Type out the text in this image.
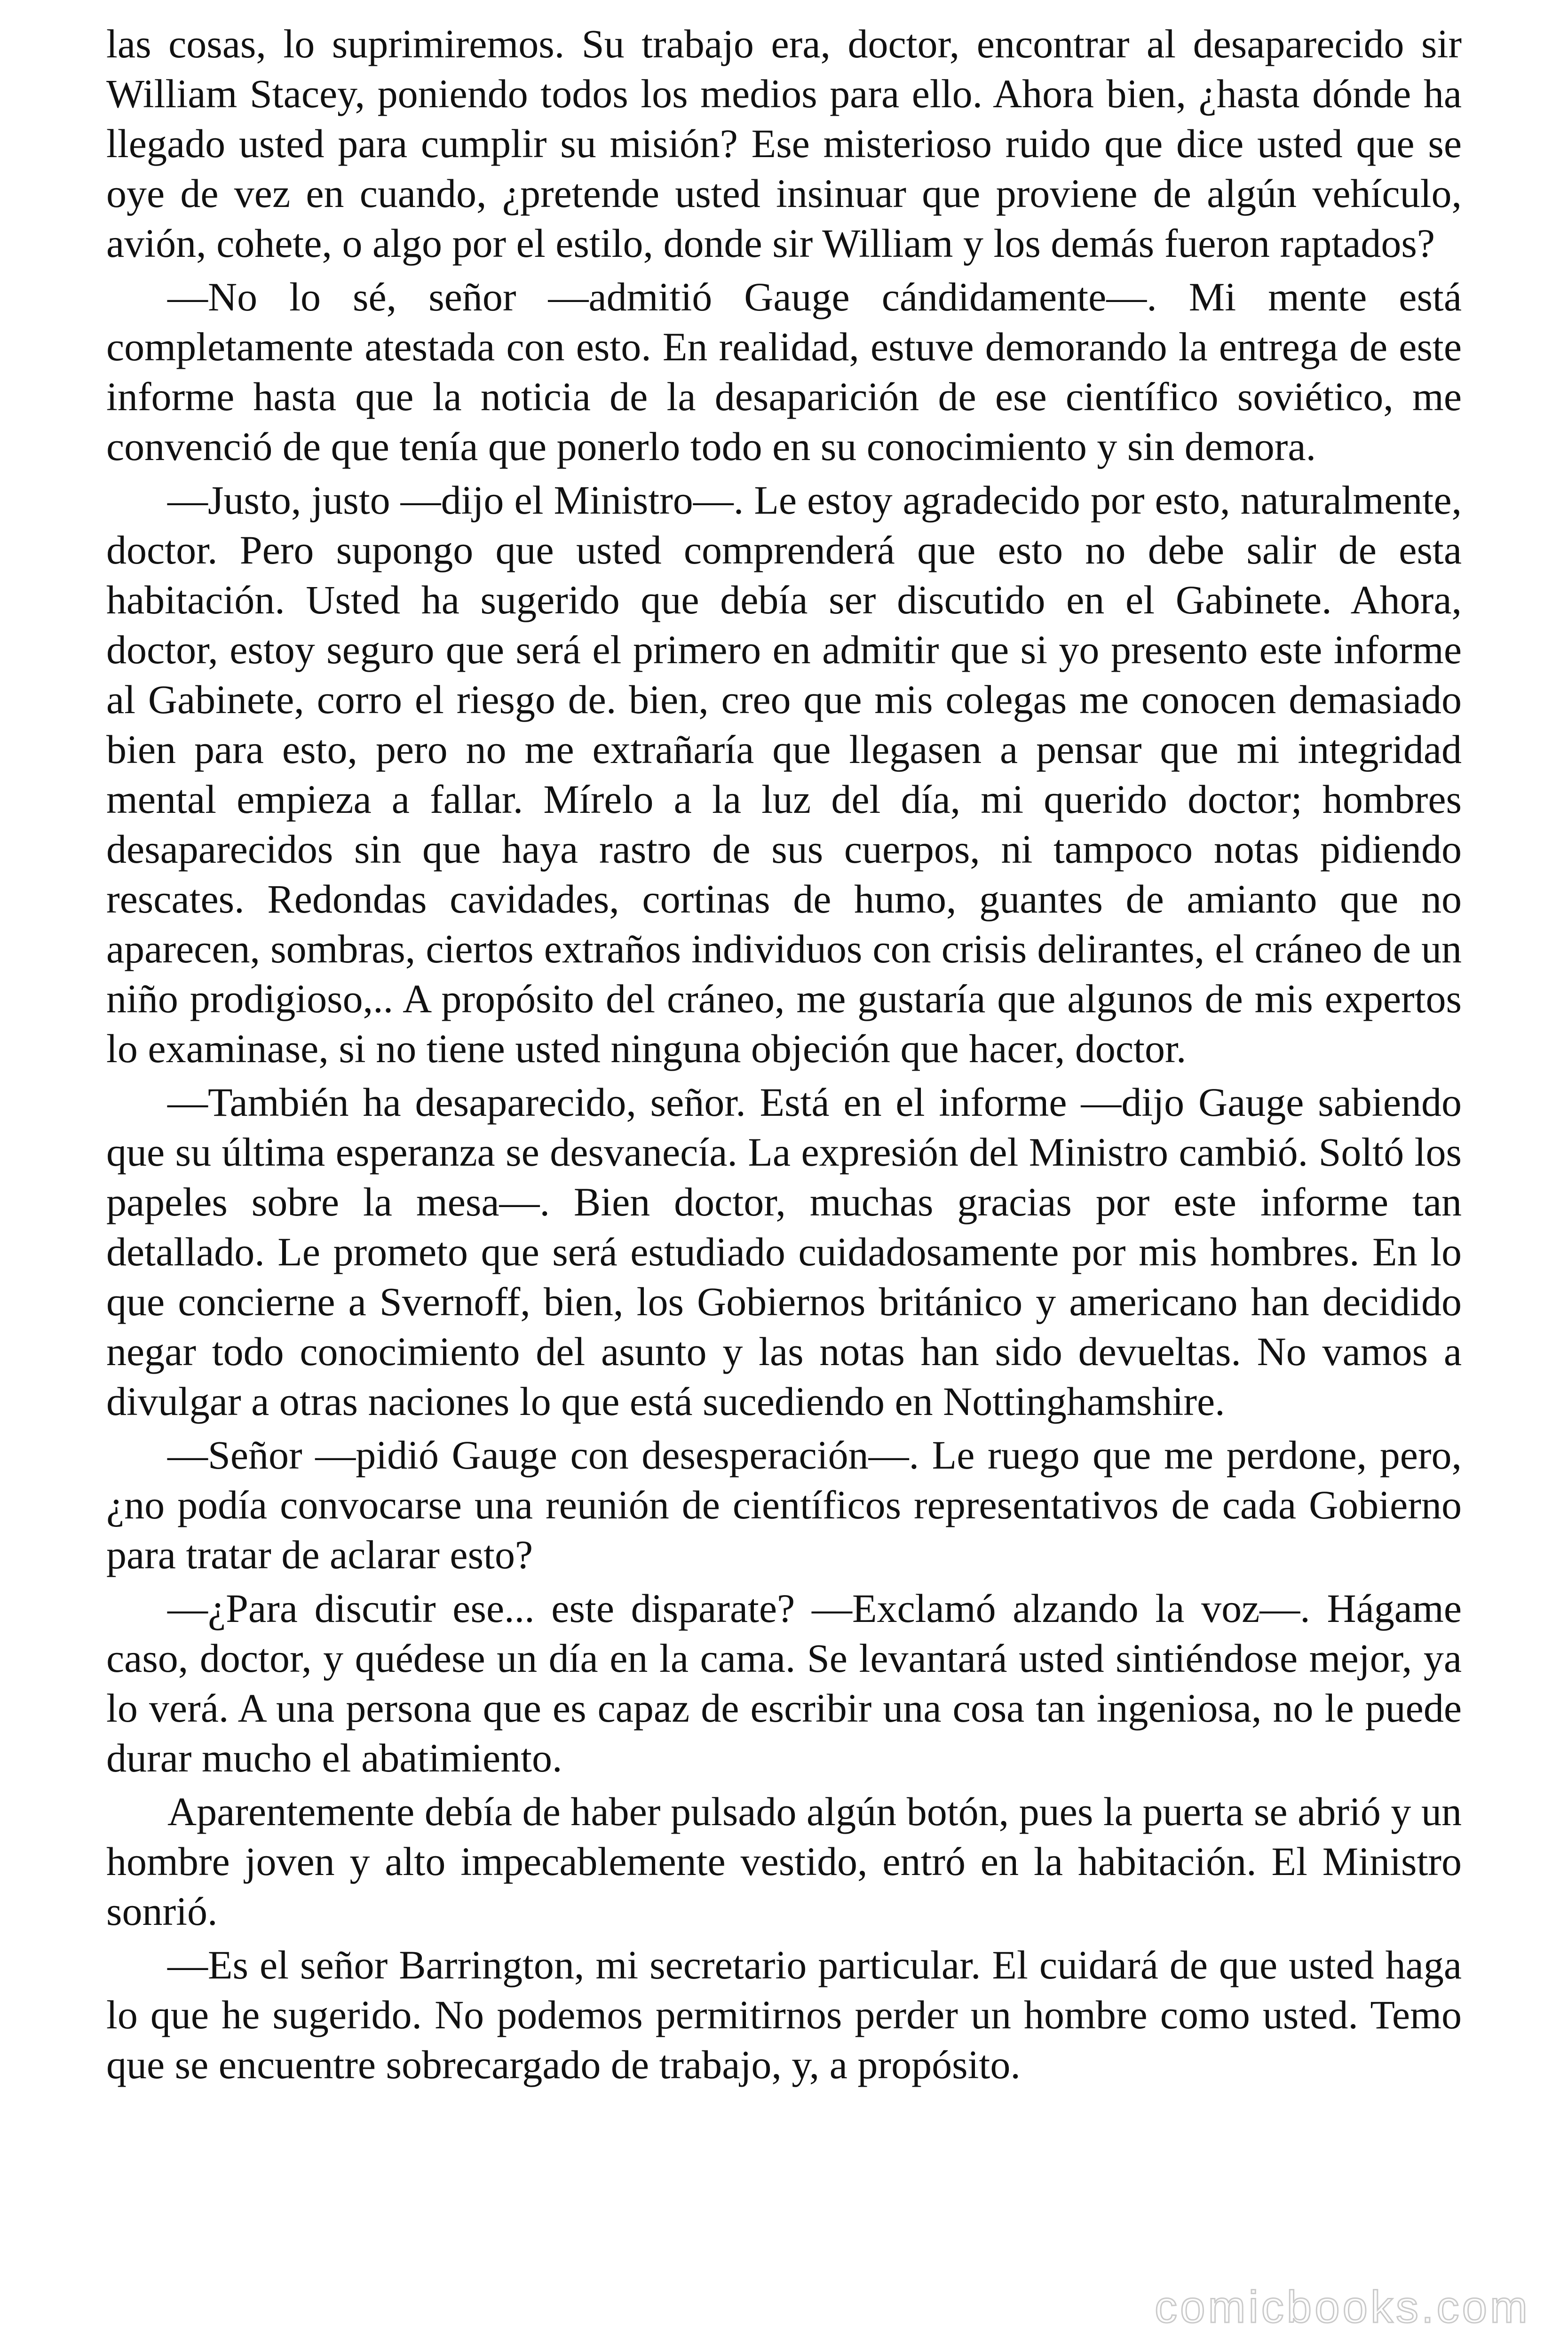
las cosas, lo suprimiremos. Su trabajo era, doctor, encontrar al desaparecido sir William Stacey, poniendo todos los medios para ello. Ahora bien, ¿hasta dónde ha llegado usted para cumplir su misión? Ese misterioso ruido que dice usted que se oye de vez en cuando, ¿pretende usted insinuar que proviene de algún vehículo, avión, cohete, o algo por el estilo, donde sir William y los demás fueron raptados?

—No lo sé, señor —admitió Gauge cándidamente—. Mi mente está completamente atestada con esto. En realidad, estuve demorando la entrega de este informe hasta que la noticia de la desaparición de ese científico soviético, me convenció de que tenía que ponerlo todo en su conocimiento y sin demora.

—Justo, justo —dijo el Ministro—. Le estoy agradecido por esto, naturalmente, doctor. Pero supongo que usted comprenderá que esto no debe salir de esta habitación. Usted ha sugerido que debía ser discutido en el Gabinete. Ahora, doctor, estoy seguro que será el primero en admitir que si yo presento este informe al Gabinete, corro el riesgo de. bien, creo que mis colegas me conocen demasiado bien para esto, pero no me extrañaría que llegasen a pensar que mi integridad mental empieza a fallar. Mírelo a la luz del día, mi querido doctor; hombres desaparecidos sin que haya rastro de sus cuerpos, ni tampoco notas pidiendo rescates. Redondas cavidades, cortinas de humo, guantes de amianto que no aparecen, sombras, ciertos extraños individuos con crisis delirantes, el cráneo de un niño prodigioso,.. A propósito del cráneo, me gustaría que algunos de mis expertos lo examinase, si no tiene usted ninguna objeción que hacer, doctor.

—También ha desaparecido, señor. Está en el informe —dijo Gauge sabiendo que su última esperanza se desvanecía. La expresión del Ministro cambió. Soltó los papeles sobre la mesa—. Bien doctor, muchas gracias por este informe tan detallado. Le prometo que será estudiado cuidadosamente por mis hombres. En lo que concierne a Svernoff, bien, los Gobiernos británico y americano han decidido negar todo conocimiento del asunto y las notas han sido devueltas. No vamos a divulgar a otras naciones lo que está sucediendo en Nottinghamshire.

—Señor —pidió Gauge con desesperación—. Le ruego que me perdone, pero, ¿no podía convocarse una reunión de científicos representativos de cada Gobierno para tratar de aclarar esto?

—¿Para discutir ese... este disparate? —Exclamó alzando la voz—. Hágame caso, doctor, y quédese un día en la cama. Se levantará usted sintiéndose mejor, ya lo verá. A una persona que es capaz de escribir una cosa tan ingeniosa, no le puede durar mucho el abatimiento.

Aparentemente debía de haber pulsado algún botón, pues la puerta se abrió y un hombre joven y alto impecablemente vestido, entró en la habitación. El Ministro sonrió.

—Es el señor Barrington, mi secretario particular. El cuidará de que usted haga lo que he sugerido. No podemos permitirnos perder un hombre como usted. Temo que se encuentre sobrecargado de trabajo, y, a propósito.

comicbooks.com
